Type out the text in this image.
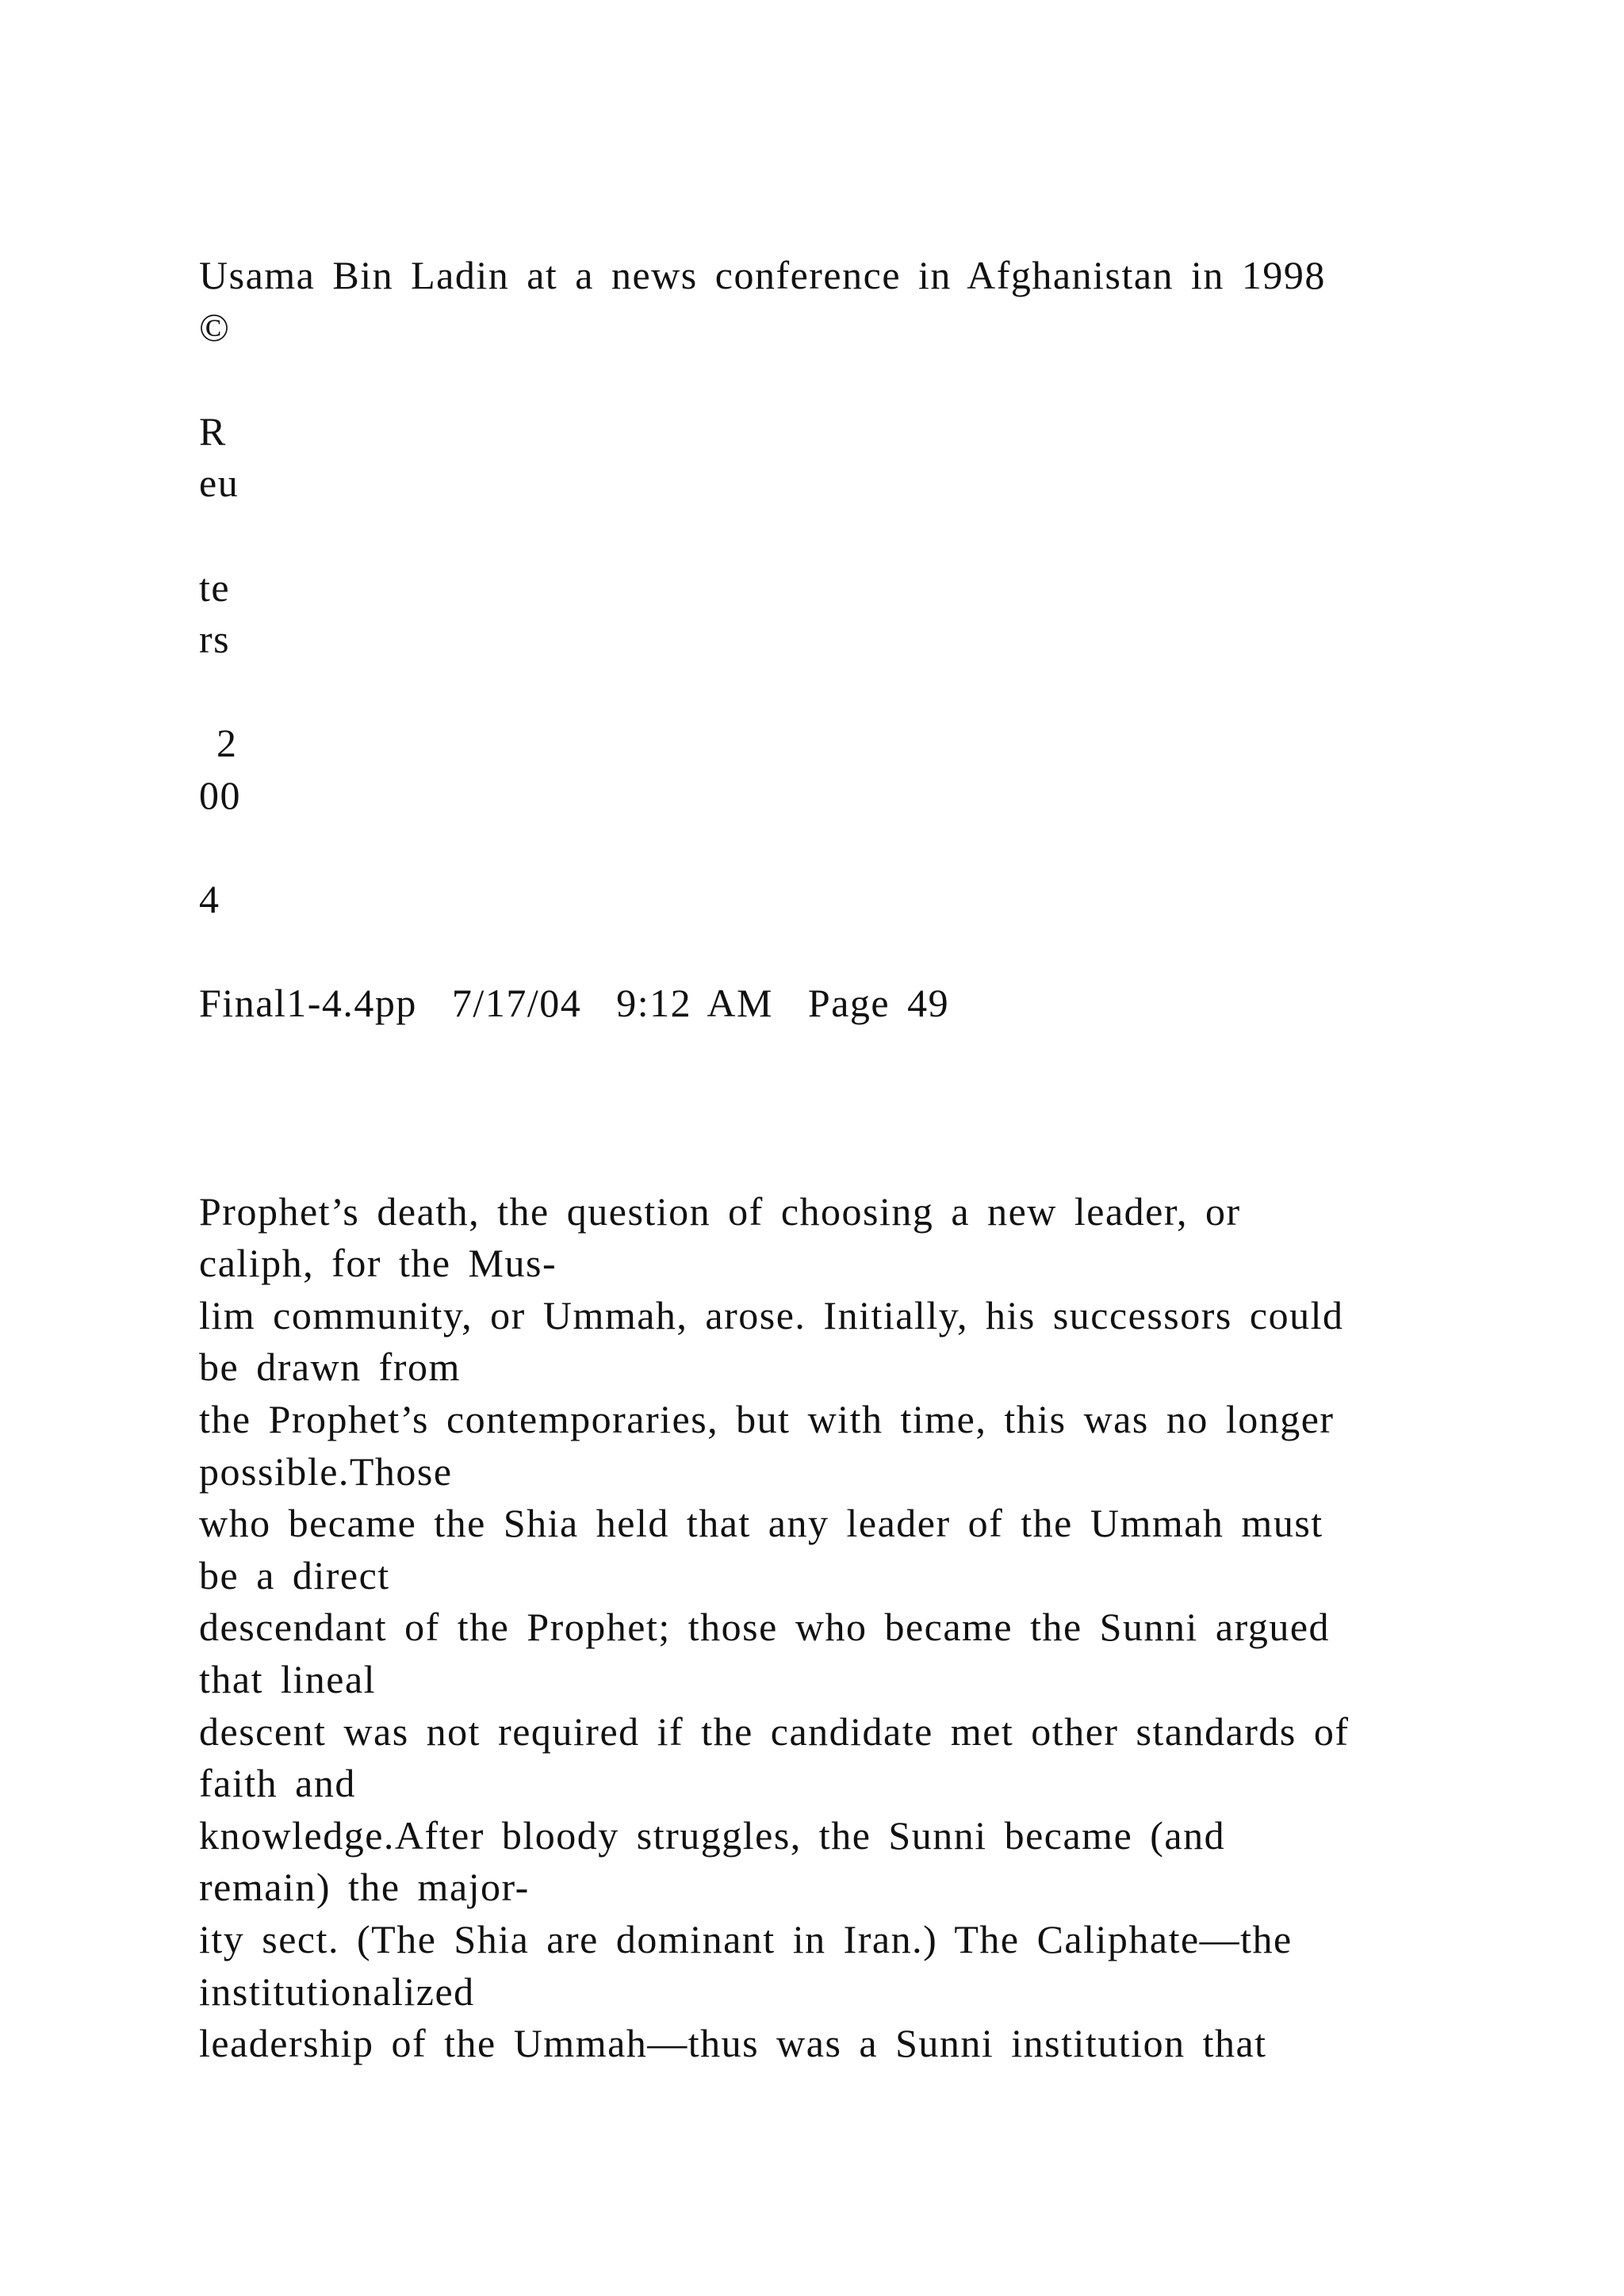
Usama Bin Ladin at a news conference in Afghanistan in 1998
©
R
eu
te
rs
2
00
4
Final1-4.4pp  7/17/04  9:12 AM  Page 49
Prophet’s death, the question of choosing a new leader, or
caliph, for the Mus-
lim community, or Ummah, arose. Initially, his successors could
be drawn from
the Prophet’s contemporaries, but with time, this was no longer
possible.Those
who became the Shia held that any leader of the Ummah must
be a direct
descendant of the Prophet; those who became the Sunni argued
that lineal
descent was not required if the candidate met other standards of
faith and
knowledge.After bloody struggles, the Sunni became (and
remain) the major-
ity sect. (The Shia are dominant in Iran.) The Caliphate—the
institutionalized
leadership of the Ummah—thus was a Sunni institution that
